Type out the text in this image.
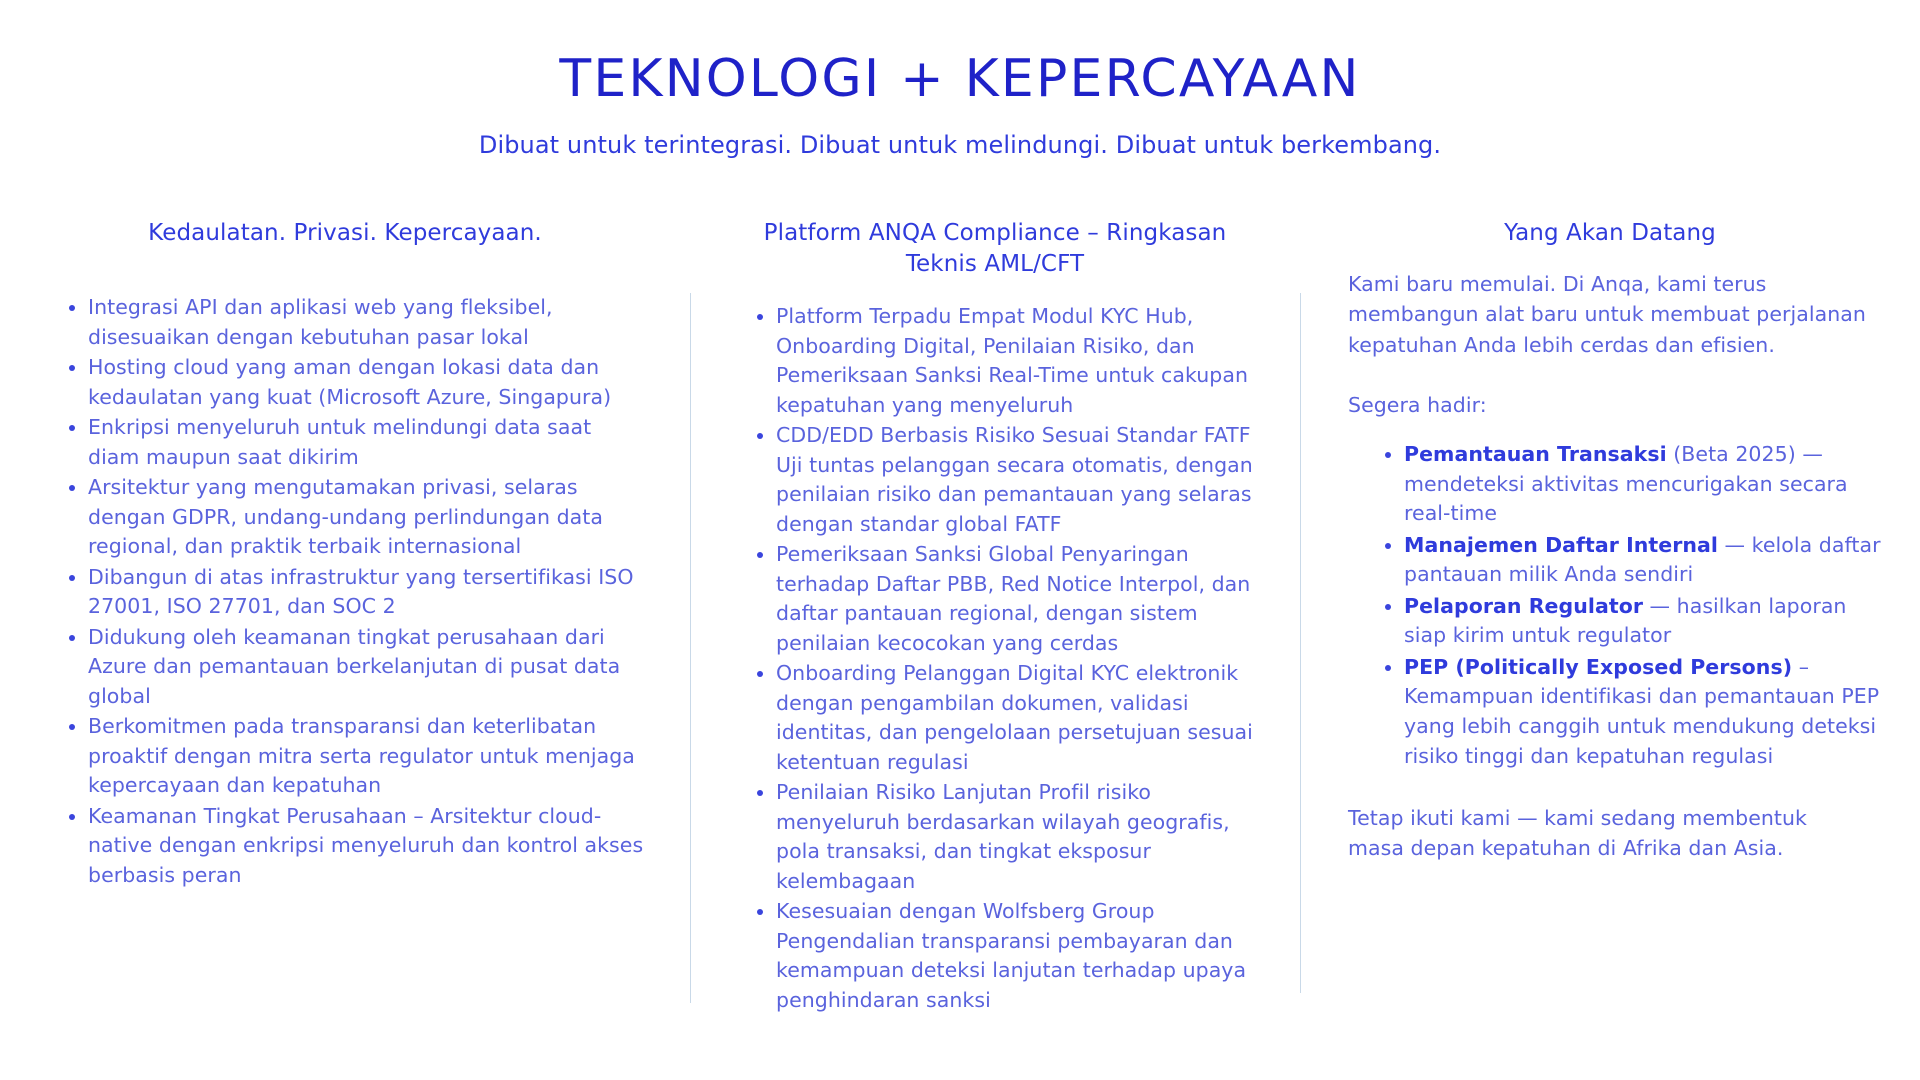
TEKNOLOGI + KEPERCAYAAN
Dibuat untuk terintegrasi. Dibuat untuk melindungi. Dibuat untuk berkembang.
Kedaulatan. Privasi. Kepercayaan.
Integrasi API dan aplikasi web yang fleksibel, disesuaikan dengan kebutuhan pasar lokal
Hosting cloud yang aman dengan lokasi data dan kedaulatan yang kuat (Microsoft Azure, Singapura)
Enkripsi menyeluruh untuk melindungi data saat diam maupun saat dikirim
Arsitektur yang mengutamakan privasi, selaras dengan GDPR, undang-undang perlindungan data regional, dan praktik terbaik internasional
Dibangun di atas infrastruktur yang tersertifikasi ISO 27001, ISO 27701, dan SOC 2
Didukung oleh keamanan tingkat perusahaan dari Azure dan pemantauan berkelanjutan di pusat data global
Berkomitmen pada transparansi dan keterlibatan proaktif dengan mitra serta regulator untuk menjaga kepercayaan dan kepatuhan
Keamanan Tingkat Perusahaan – Arsitektur cloud-native dengan enkripsi menyeluruh dan kontrol akses berbasis peran
Platform ANQA Compliance – Ringkasan Teknis AML/CFT
Platform Terpadu Empat Modul KYC Hub, Onboarding Digital, Penilaian Risiko, dan Pemeriksaan Sanksi Real-Time untuk cakupan kepatuhan yang menyeluruh
CDD/EDD Berbasis Risiko Sesuai Standar FATF Uji tuntas pelanggan secara otomatis, dengan penilaian risiko dan pemantauan yang selaras dengan standar global FATF
Pemeriksaan Sanksi Global Penyaringan terhadap Daftar PBB, Red Notice Interpol, dan daftar pantauan regional, dengan sistem penilaian kecocokan yang cerdas
Onboarding Pelanggan Digital KYC elektronik dengan pengambilan dokumen, validasi identitas, dan pengelolaan persetujuan sesuai ketentuan regulasi
Penilaian Risiko Lanjutan Profil risiko menyeluruh berdasarkan wilayah geografis, pola transaksi, dan tingkat eksposur kelembagaan
Kesesuaian dengan Wolfsberg Group Pengendalian transparansi pembayaran dan kemampuan deteksi lanjutan terhadap upaya penghindaran sanksi
Yang Akan Datang
Kami baru memulai. Di Anqa, kami terus membangun alat baru untuk membuat perjalanan kepatuhan Anda lebih cerdas dan efisien.
Segera hadir:
Pemantauan Transaksi (Beta 2025) — mendeteksi aktivitas mencurigakan secara real-time
Manajemen Daftar Internal — kelola daftar pantauan milik Anda sendiri
Pelaporan Regulator — hasilkan laporan siap kirim untuk regulator
PEP (Politically Exposed Persons) – Kemampuan identifikasi dan pemantauan PEP yang lebih canggih untuk mendukung deteksi risiko tinggi dan kepatuhan regulasi
Tetap ikuti kami — kami sedang membentuk masa depan kepatuhan di Afrika dan Asia.
